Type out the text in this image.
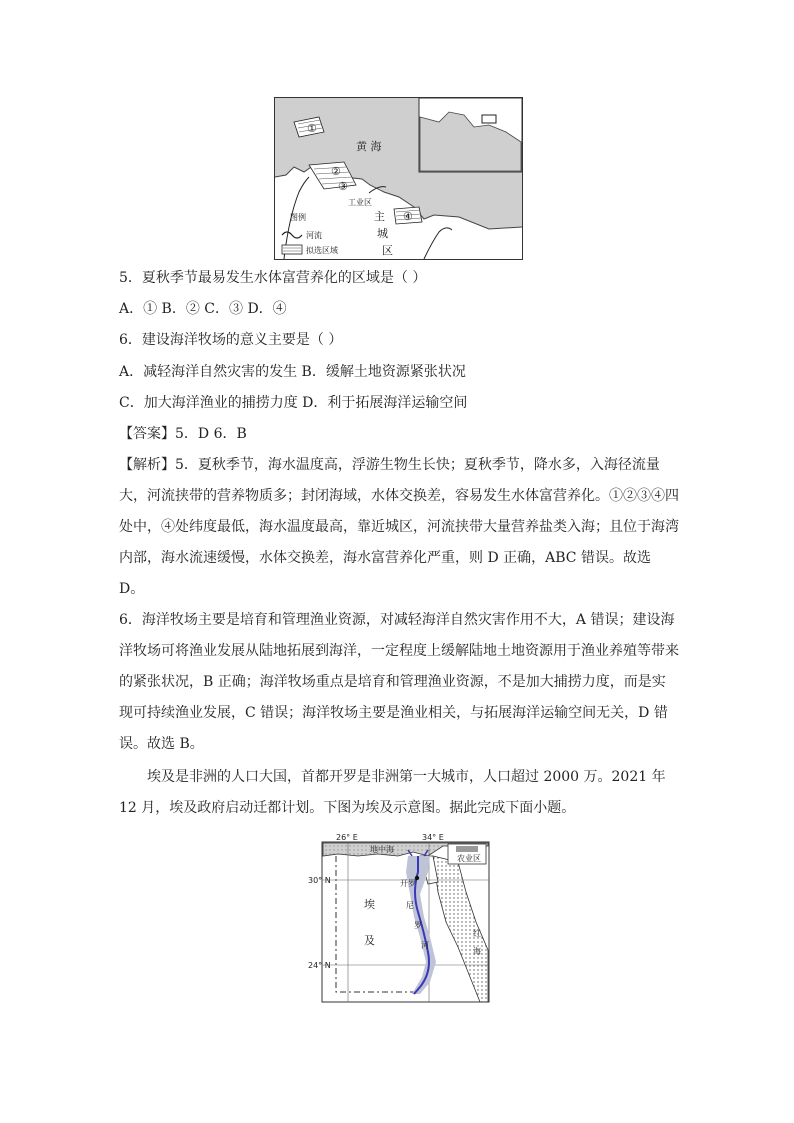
①
②
③
④
黄 海
工业区
主
城
区
图例
河流
拟选区域
5．夏秋季节最易发生水体富营养化的区域是（ ）
A．① B．② C．③ D．④
6．建设海洋牧场的意义主要是（ ）
A．减轻海洋自然灾害的发生 B．缓解土地资源紧张状况
C．加大海洋渔业的捕捞力度 D．利于拓展海洋运输空间
【答案】5．D 6．B

【解析】5．夏秋季节，海水温度高，浮游生物生长快；夏秋季节，降水多，入海径流量大，河流挟带的营养物质多；封闭海域，水体交换差，容易发生水体富营养化。①②③④四处中，④处纬度最低，海水温度最高，靠近城区，河流挟带大量营养盐类入海；且位于海湾内部，海水流速缓慢，水体交换差，海水富营养化严重，则 D 正确，ABC 错误。故选 D。

6．海洋牧场主要是培育和管理渔业资源，对减轻海洋自然灾害作用不大，A 错误；建设海洋牧场可将渔业发展从陆地拓展到海洋，一定程度上缓解陆地土地资源用于渔业养殖等带来的紧张状况，B 正确；海洋牧场重点是培育和管理渔业资源，不是加大捕捞力度，而是实现可持续渔业发展，C 错误；海洋牧场主要是渔业相关，与拓展海洋运输空间无关，D 错误。故选 B。

埃及是非洲的人口大国，首都开罗是非洲第一大城市，人口超过 2000 万。2021 年 12 月，埃及政府启动迁都计划。下图为埃及示意图。据此完成下面小题。
农业区
26° E	34° E
30° N
24° N
地中海
开罗
埃
及
尼
罗
河
红
海
